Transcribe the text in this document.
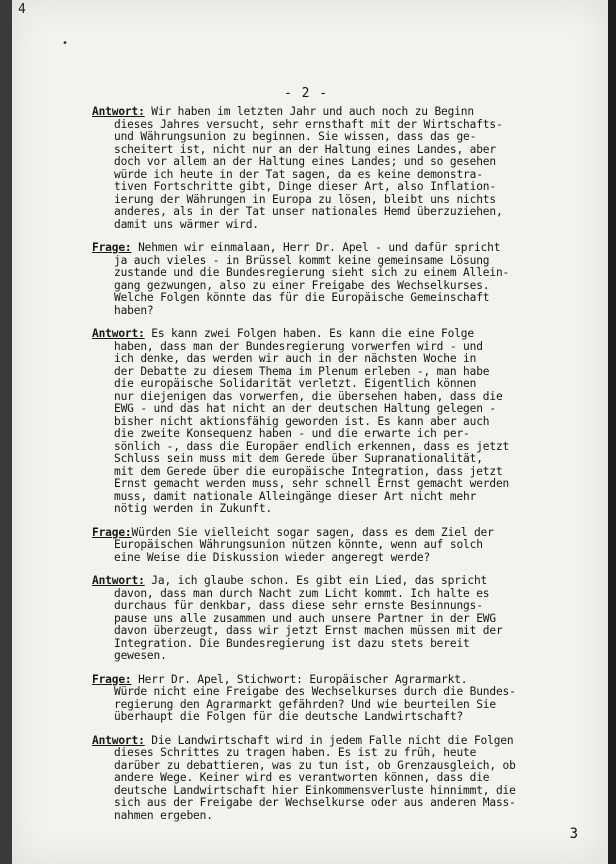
4
•
- 2 -
Antwort: Wir haben im letzten Jahr und auch noch zu Beginn
dieses Jahres versucht, sehr ernsthaft mit der Wirtschafts-
und Währungsunion zu beginnen. Sie wissen, dass das ge-
scheitert ist, nicht nur an der Haltung eines Landes, aber
doch vor allem an der Haltung eines Landes; und so gesehen
würde ich heute in der Tat sagen, da es keine demonstra-
tiven Fortschritte gibt, Dinge dieser Art, also Inflation-
ierung der Währungen in Europa zu lösen, bleibt uns nichts
anderes, als in der Tat unser nationales Hemd überzuziehen,
damit uns wärmer wird.
Frage: Nehmen wir einmalaan, Herr Dr. Apel - und dafür spricht
ja auch vieles - in Brüssel kommt keine gemeinsame Lösung
zustande und die Bundesregierung sieht sich zu einem Allein-
gang gezwungen, also zu einer Freigabe des Wechselkurses.
Welche Folgen könnte das für die Europäische Gemeinschaft
haben?
Antwort: Es kann zwei Folgen haben. Es kann die eine Folge
haben, dass man der Bundesregierung vorwerfen wird - und
ich denke, das werden wir auch in der nächsten Woche in
der Debatte zu diesem Thema im Plenum erleben -, man habe
die europäische Solidarität verletzt. Eigentlich können
nur diejenigen das vorwerfen, die übersehen haben, dass die
EWG - und das hat nicht an der deutschen Haltung gelegen -
bisher nicht aktionsfähig geworden ist. Es kann aber auch
die zweite Konsequenz haben - und die erwarte ich per-
sönlich -, dass die Europäer endlich erkennen, dass es jetzt
Schluss sein muss mit dem Gerede über Supranationalität,
mit dem Gerede über die europäische Integration, dass jetzt
Ernst gemacht werden muss, sehr schnell Ernst gemacht werden
muss, damit nationale Alleingänge dieser Art nicht mehr
nötig werden in Zukunft.
Frage:Würden Sie vielleicht sogar sagen, dass es dem Ziel der
Europäischen Währungsunion nützen könnte, wenn auf solch
eine Weise die Diskussion wieder angeregt werde?
Antwort: Ja, ich glaube schon. Es gibt ein Lied, das spricht
davon, dass man durch Nacht zum Licht kommt. Ich halte es
durchaus für denkbar, dass diese sehr ernste Besinnungs-
pause uns alle zusammen und auch unsere Partner in der EWG
davon überzeugt, dass wir jetzt Ernst machen müssen mit der
Integration. Die Bundesregierung ist dazu stets bereit
gewesen.
Frage: Herr Dr. Apel, Stichwort: Europäischer Agrarmarkt.
Würde nicht eine Freigabe des Wechselkurses durch die Bundes-
regierung den Agrarmarkt gefährden? Und wie beurteilen Sie
überhaupt die Folgen für die deutsche Landwirtschaft?
Antwort: Die Landwirtschaft wird in jedem Falle nicht die Folgen
dieses Schrittes zu tragen haben. Es ist zu früh, heute
darüber zu debattieren, was zu tun ist, ob Grenzausgleich, ob
andere Wege. Keiner wird es verantworten können, dass die
deutsche Landwirtschaft hier Einkommensverluste hinnimmt, die
sich aus der Freigabe der Wechselkurse oder aus anderen Mass-
nahmen ergeben.
3
